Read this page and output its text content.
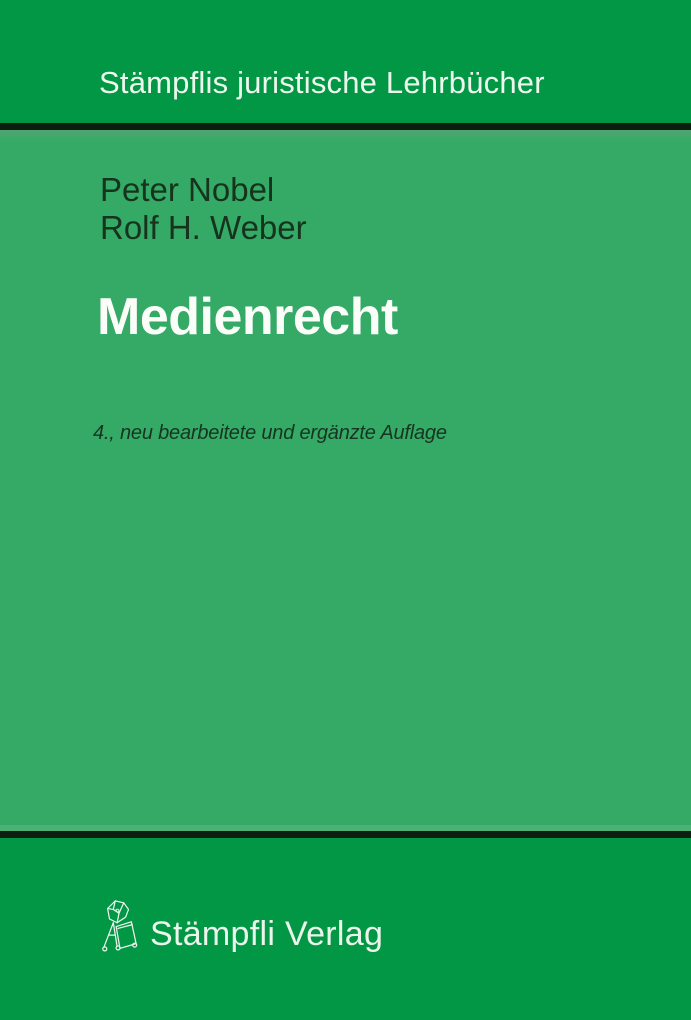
Stämpflis juristische Lehrbücher
Peter Nobel
Rolf H. Weber
Medienrecht
4., neu bearbeitete und ergänzte Auflage
Stämpfli Verlag
